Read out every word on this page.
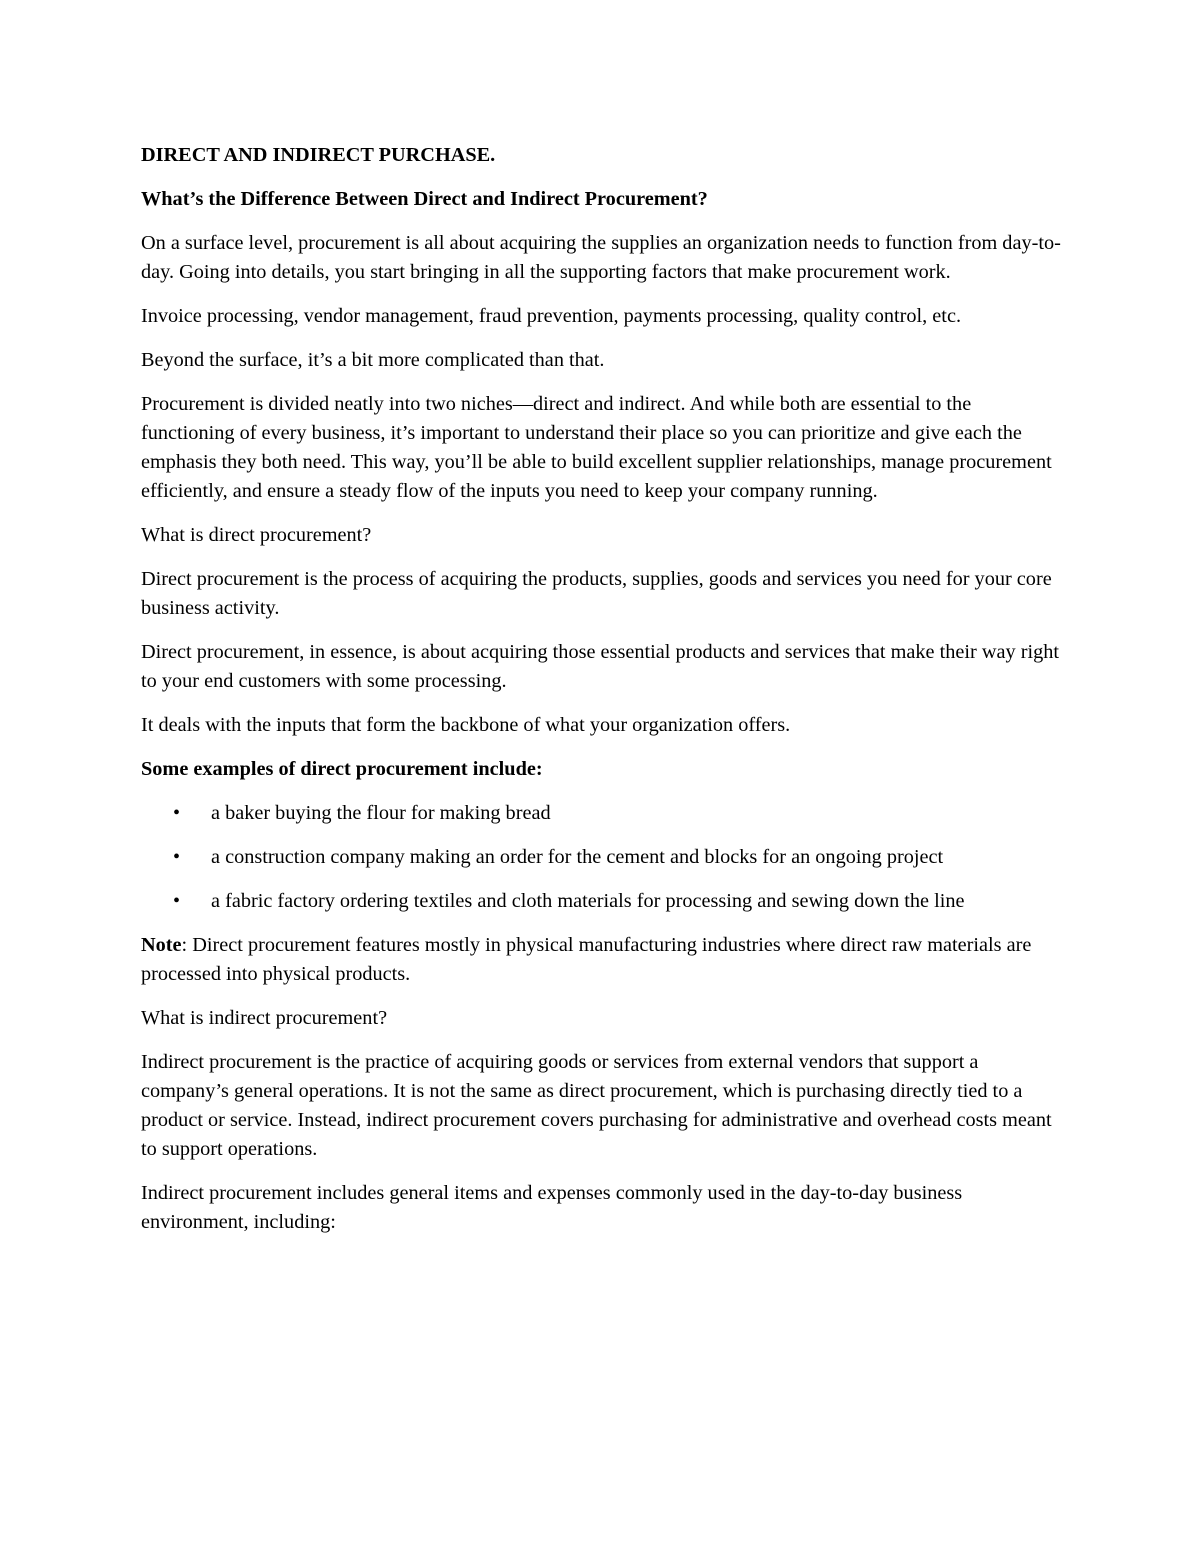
DIRECT AND INDIRECT PURCHASE.
What’s the Difference Between Direct and Indirect Procurement?
On a surface level, procurement is all about acquiring the supplies an organization needs to function from day-to-day. Going into details, you start bringing in all the supporting factors that make procurement work.
Invoice processing, vendor management, fraud prevention, payments processing, quality control, etc.
Beyond the surface, it’s a bit more complicated than that.
Procurement is divided neatly into two niches—direct and indirect. And while both are essential to the functioning of every business, it’s important to understand their place so you can prioritize and give each the emphasis they both need. This way, you’ll be able to build excellent supplier relationships, manage procurement efficiently, and ensure a steady flow of the inputs you need to keep your company running.
What is direct procurement?
Direct procurement is the process of acquiring the products, supplies, goods and services you need for your core business activity.
Direct procurement, in essence, is about acquiring those essential products and services that make their way right to your end customers with some processing.
It deals with the inputs that form the backbone of what your organization offers.
Some examples of direct procurement include:
• a baker buying the flour for making bread
• a construction company making an order for the cement and blocks for an ongoing project
• a fabric factory ordering textiles and cloth materials for processing and sewing down the line
Note: Direct procurement features mostly in physical manufacturing industries where direct raw materials are processed into physical products.
What is indirect procurement?
Indirect procurement is the practice of acquiring goods or services from external vendors that support a company’s general operations. It is not the same as direct procurement, which is purchasing directly tied to a product or service. Instead, indirect procurement covers purchasing for administrative and overhead costs meant to support operations.
Indirect procurement includes general items and expenses commonly used in the day-to-day business environment, including:
